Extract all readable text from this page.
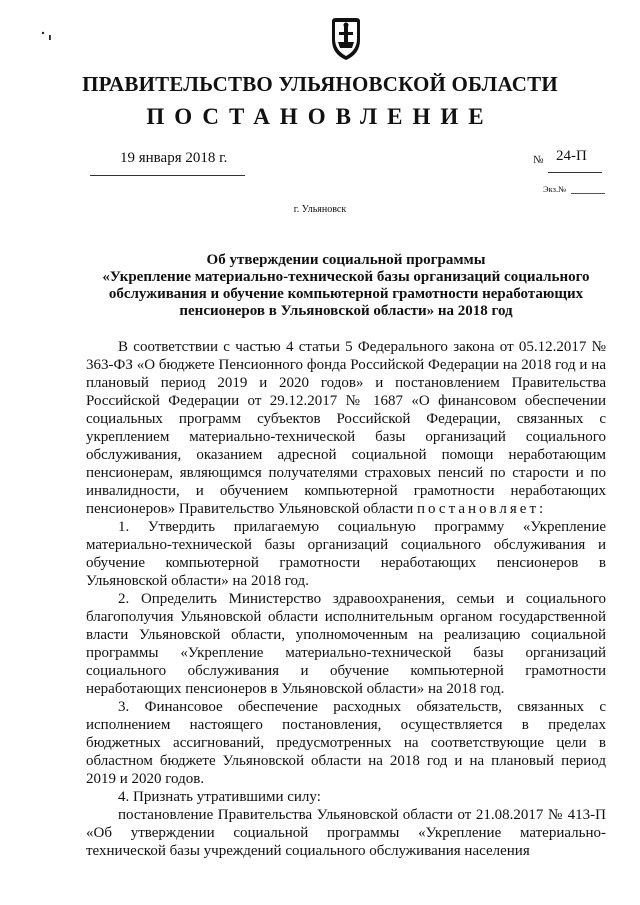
ПРАВИТЕЛЬСТВО УЛЬЯНОВСКОЙ ОБЛАСТИ
ПОСТАНОВЛЕНИЕ
19 января 2018 г.	№ 24-П
Экз.№
г. Ульяновск
Об утверждении социальной программы
«Укрепление материально-технической базы организаций социального
обслуживания и обучение компьютерной грамотности неработающих
пенсионеров в Ульяновской области» на 2018 год

В соответствии с частью 4 статьи 5 Федерального закона от 05.12.2017 № 363-ФЗ «О бюджете Пенсионного фонда Российской Федерации на 2018 год и на плановый период 2019 и 2020 годов» и постановлением Правительства Российской Федерации от 29.12.2017 № 1687 «О финансовом обеспечении социальных программ субъектов Российской Федерации, связанных с укреплением материально-технической базы организаций социального обслуживания, оказанием адресной социальной помощи неработающим пенсионерам, являющимся получателями страховых пенсий по старости и по инвалидности, и обучением компьютерной грамотности неработающих пенсионеров» Правительство Ульяновской области постановляет:

1. Утвердить прилагаемую социальную программу «Укрепление материально-технической базы организаций социального обслуживания и обучение компьютерной грамотности неработающих пенсионеров в Ульяновской области» на 2018 год.

2. Определить Министерство здравоохранения, семьи и социального благополучия Ульяновской области исполнительным органом государственной власти Ульяновской области, уполномоченным на реализацию социальной программы «Укрепление материально-технической базы организаций социального обслуживания и обучение компьютерной грамотности неработающих пенсионеров в Ульяновской области» на 2018 год.

3. Финансовое обеспечение расходных обязательств, связанных с исполнением настоящего постановления, осуществляется в пределах бюджетных ассигнований, предусмотренных на соответствующие цели в областном бюджете Ульяновской области на 2018 год и на плановый период 2019 и 2020 годов.

4. Признать утратившими силу:

постановление Правительства Ульяновской области от 21.08.2017 № 413-П «Об утверждении социальной программы «Укрепление материально-технической базы учреждений социального обслуживания населения
